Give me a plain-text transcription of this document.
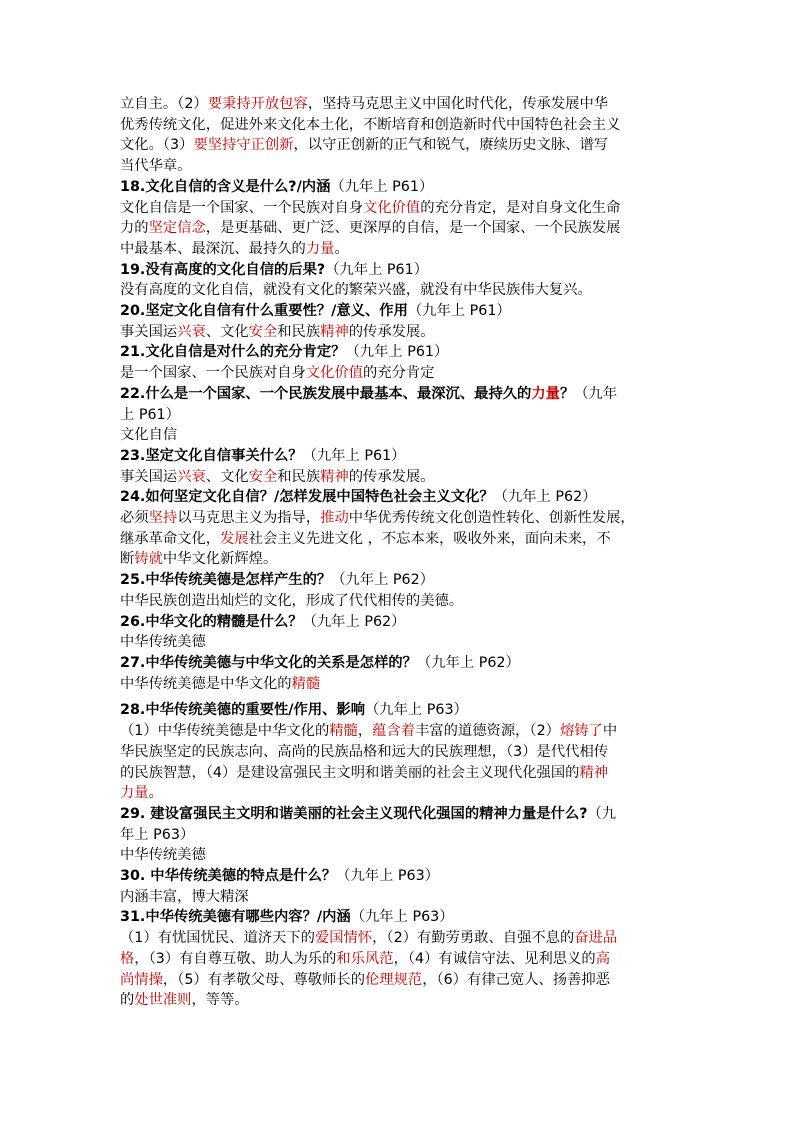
立自主。（2）要秉持开放包容，坚持马克思主义中国化时代化，传承发展中华
优秀传统文化，促进外来文化本土化，不断培育和创造新时代中国特色社会主义
文化。（3）要坚持守正创新，以守正创新的正气和锐气，赓续历史文脉、谱写
当代华章。
18.文化自信的含义是什么?/内涵（九年上 P61）
文化自信是一个国家、一个民族对自身文化价值的充分肯定，是对自身文化生命
力的坚定信念，是更基础、更广泛、更深厚的自信，是一个国家、一个民族发展
中最基本、最深沉、最持久的力量。
19.没有高度的文化自信的后果?（九年上 P61）
没有高度的文化自信，就没有文化的繁荣兴盛，就没有中华民族伟大复兴。
20.坚定文化自信有什么重要性？/意义、作用（九年上 P61）
事关国运兴衰、文化安全和民族精神的传承发展。
21.文化自信是对什么的充分肯定？（九年上 P61）
是一个国家、一个民族对自身文化价值的充分肯定
22.什么是一个国家、一个民族发展中最基本、最深沉、最持久的力量？（九年
上 P61）
文化自信
23.坚定文化自信事关什么？（九年上 P61）
事关国运兴衰、文化安全和民族精神的传承发展。
24.如何坚定文化自信？/怎样发展中国特色社会主义文化？（九年上 P62）
必须坚持以马克思主义为指导，推动中华优秀传统文化创造性转化、创新性发展，
继承革命文化，发展社会主义先进文化 ，不忘本来，吸收外来，面向未来，不
断铸就中华文化新辉煌。
25.中华传统美德是怎样产生的？（九年上 P62）
中华民族创造出灿烂的文化，形成了代代相传的美德。
26.中华文化的精髓是什么？（九年上 P62）
中华传统美德
27.中华传统美德与中华文化的关系是怎样的？（九年上 P62）
中华传统美德是中华文化的精髓
28.中华传统美德的重要性/作用、影响（九年上 P63）
（1）中华传统美德是中华文化的精髓，蕴含着丰富的道德资源，（2）熔铸了中
华民族坚定的民族志向、高尚的民族品格和远大的民族理想，（3）是代代相传
的民族智慧，（4）是建设富强民主文明和谐美丽的社会主义现代化强国的精神
力量。
29. 建设富强民主文明和谐美丽的社会主义现代化强国的精神力量是什么?（九
年上 P63）
中华传统美德
30. 中华传统美德的特点是什么？（九年上 P63）
内涵丰富，博大精深
31.中华传统美德有哪些内容？/内涵（九年上 P63）
（1）有忧国忧民、道济天下的爱国情怀，（2）有勤劳勇敢、自强不息的奋进品
格，（3）有自尊互敬、助人为乐的和乐风范，（4）有诚信守法、见利思义的高
尚情操，（5）有孝敬父母、尊敬师长的伦理规范，（6）有律己宽人、扬善抑恶
的处世准则，等等。
